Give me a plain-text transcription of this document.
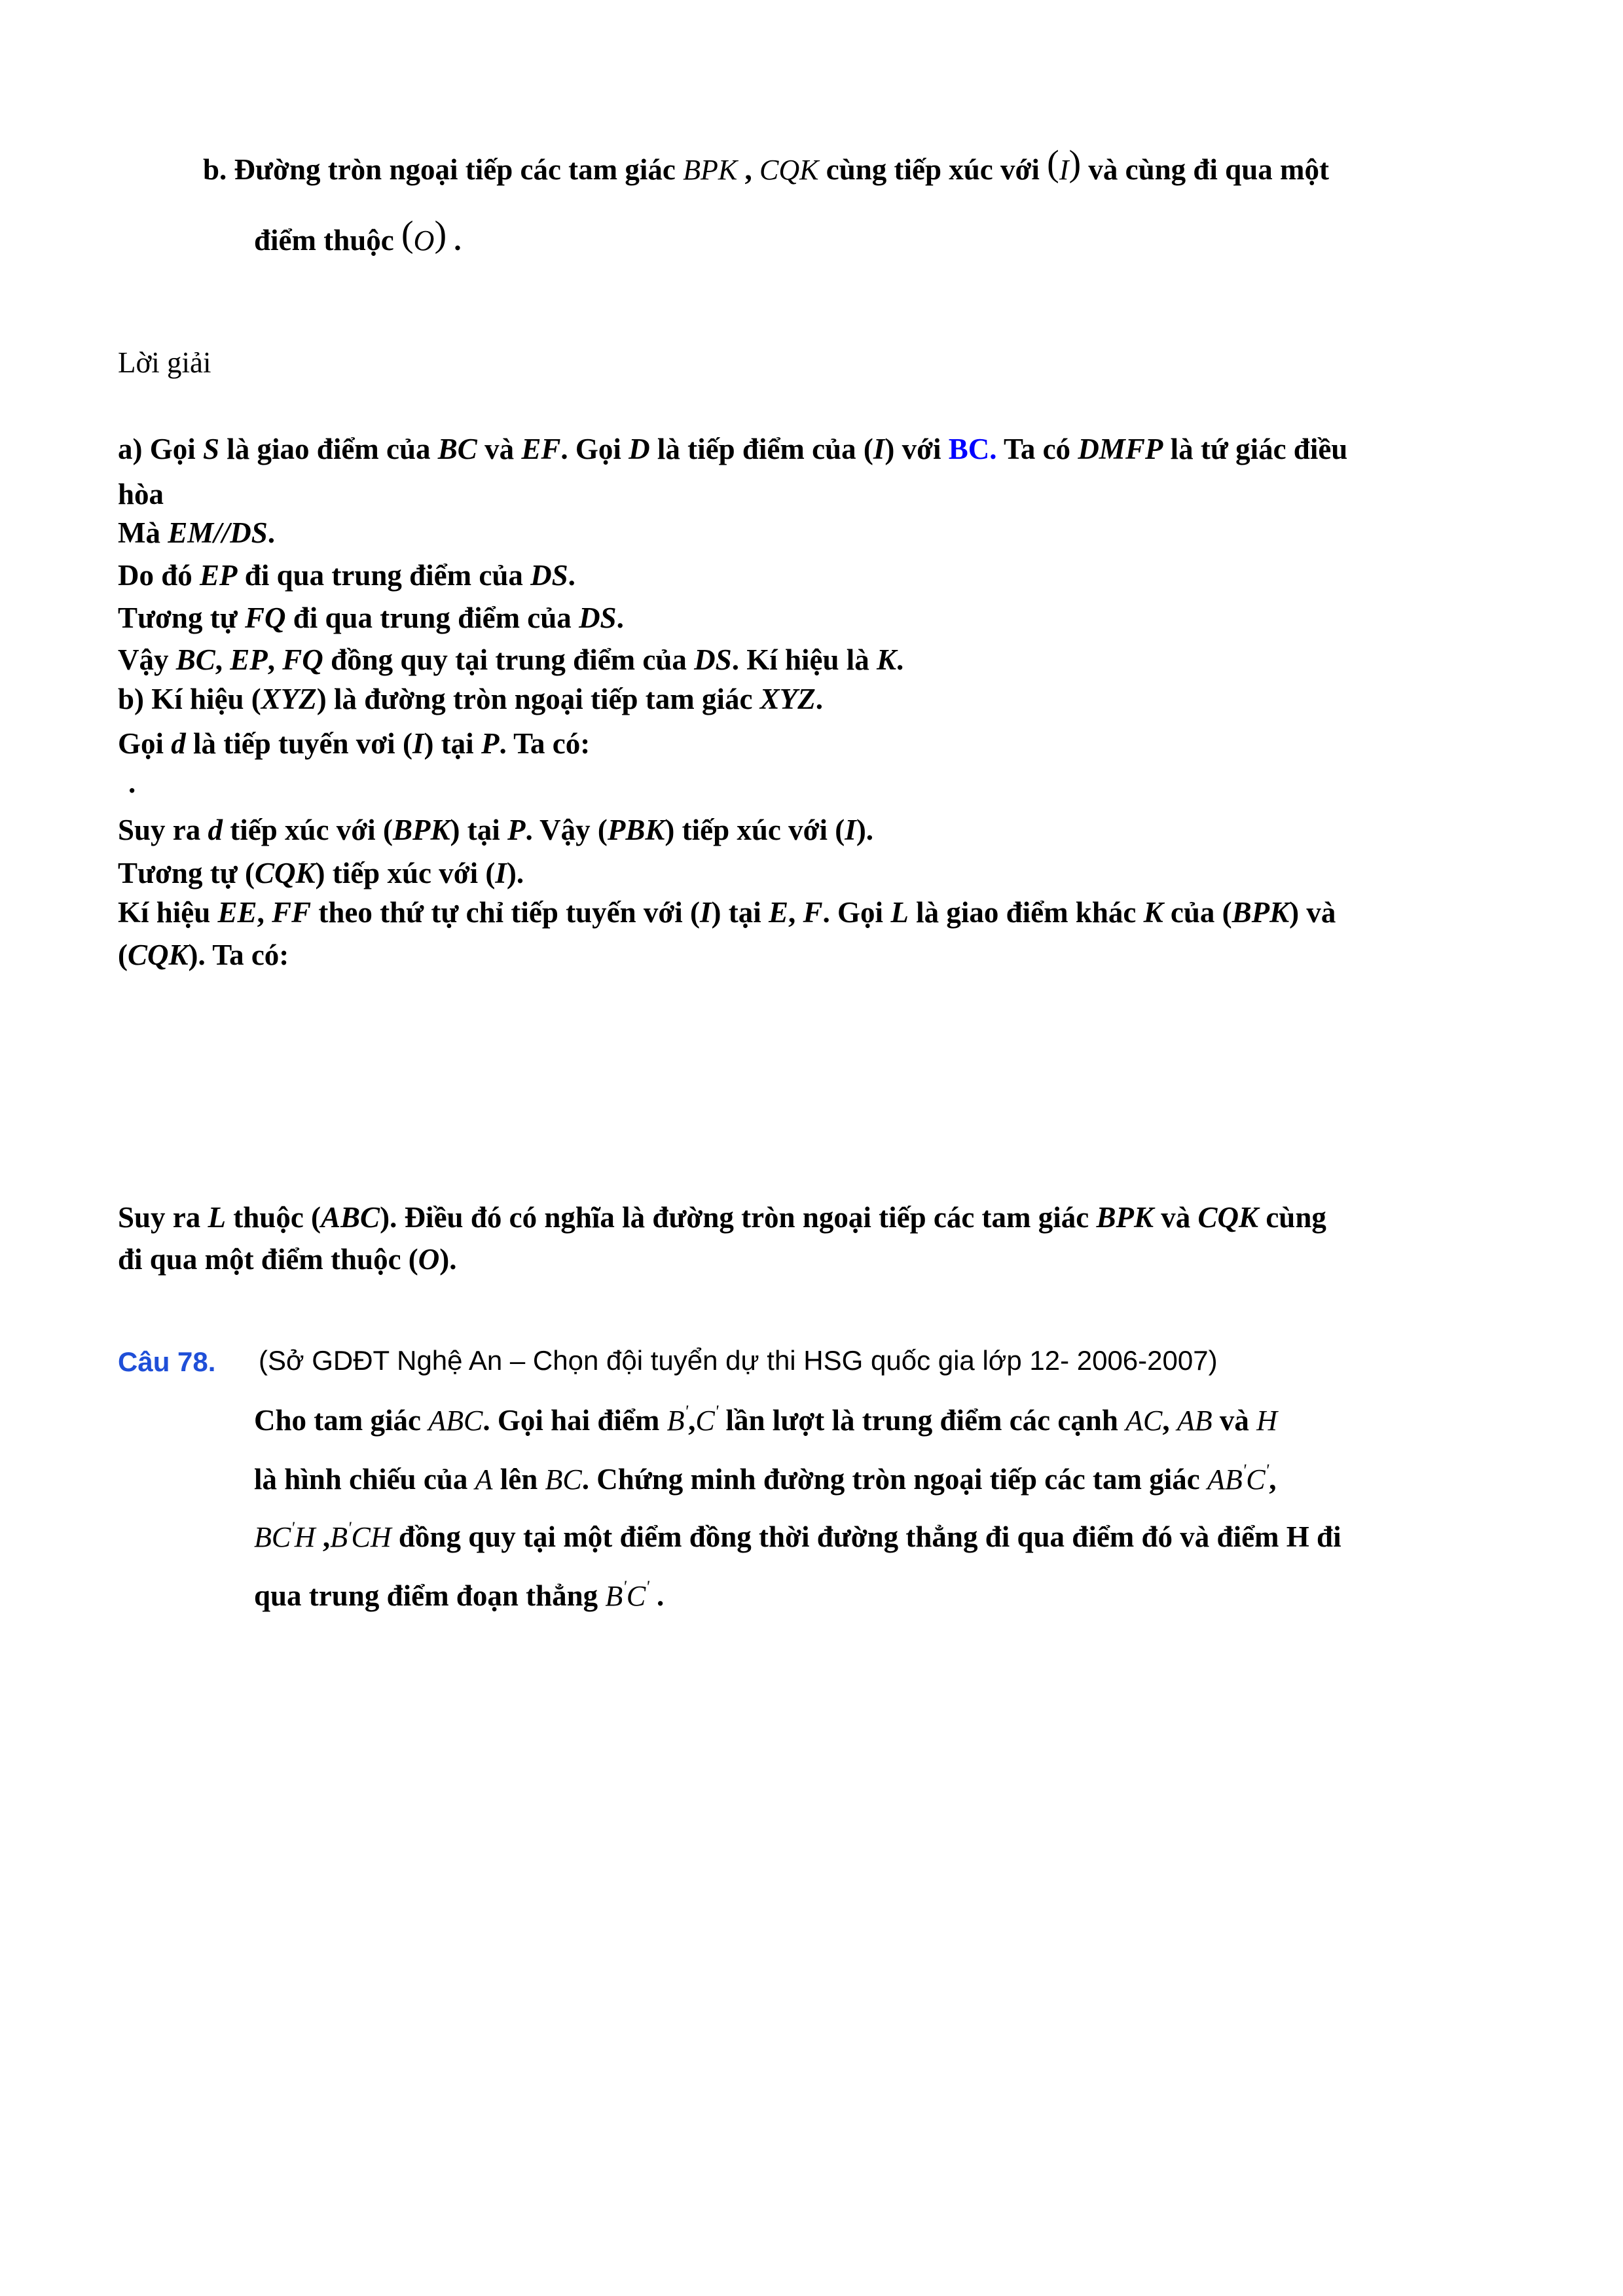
b. Đường tròn ngoại tiếp các tam giác BPK , CQK cùng tiếp xúc với (I) và cùng đi qua một
điểm thuộc (O) .
Lời giải
a) Gọi S là giao điểm của BC và EF. Gọi D là tiếp điểm của (I) với BC. Ta có DMFP là tứ giác điều
hòa
Mà EM//DS.
Do đó EP đi qua trung điểm của DS.
Tương tự FQ đi qua trung điểm của DS.
Vậy BC, EP, FQ đồng quy tại trung điểm của DS. Kí hiệu là K.
b) Kí hiệu (XYZ) là đường tròn ngoại tiếp tam giác XYZ.
Gọi d là tiếp tuyến vơi (I) tại P. Ta có:
.
Suy ra d tiếp xúc với (BPK) tại P. Vậy (PBK) tiếp xúc với (I).
Tương tự (CQK) tiếp xúc với (I).
Kí hiệu EE, FF theo thứ tự chỉ tiếp tuyến với (I) tại E, F. Gọi L là giao điểm khác K của (BPK) và
(CQK). Ta có:
Suy ra L thuộc (ABC). Điều đó có nghĩa là đường tròn ngoại tiếp các tam giác BPK và CQK cùng
đi qua một điểm thuộc (O).
Câu 78. (Sở GDĐT Nghệ An – Chọn đội tuyển dự thi HSG quốc gia lớp 12- 2006-2007)
Cho tam giác ABC. Gọi hai điểm B',C' lần lượt là trung điểm các cạnh AC, AB và H
là hình chiếu của A lên BC. Chứng minh đường tròn ngoại tiếp các tam giác AB'C',
BC'H ,B'CH đồng quy tại một điểm đồng thời đường thẳng đi qua điểm đó và điểm H đi
qua trung điểm đoạn thẳng B'C' .
